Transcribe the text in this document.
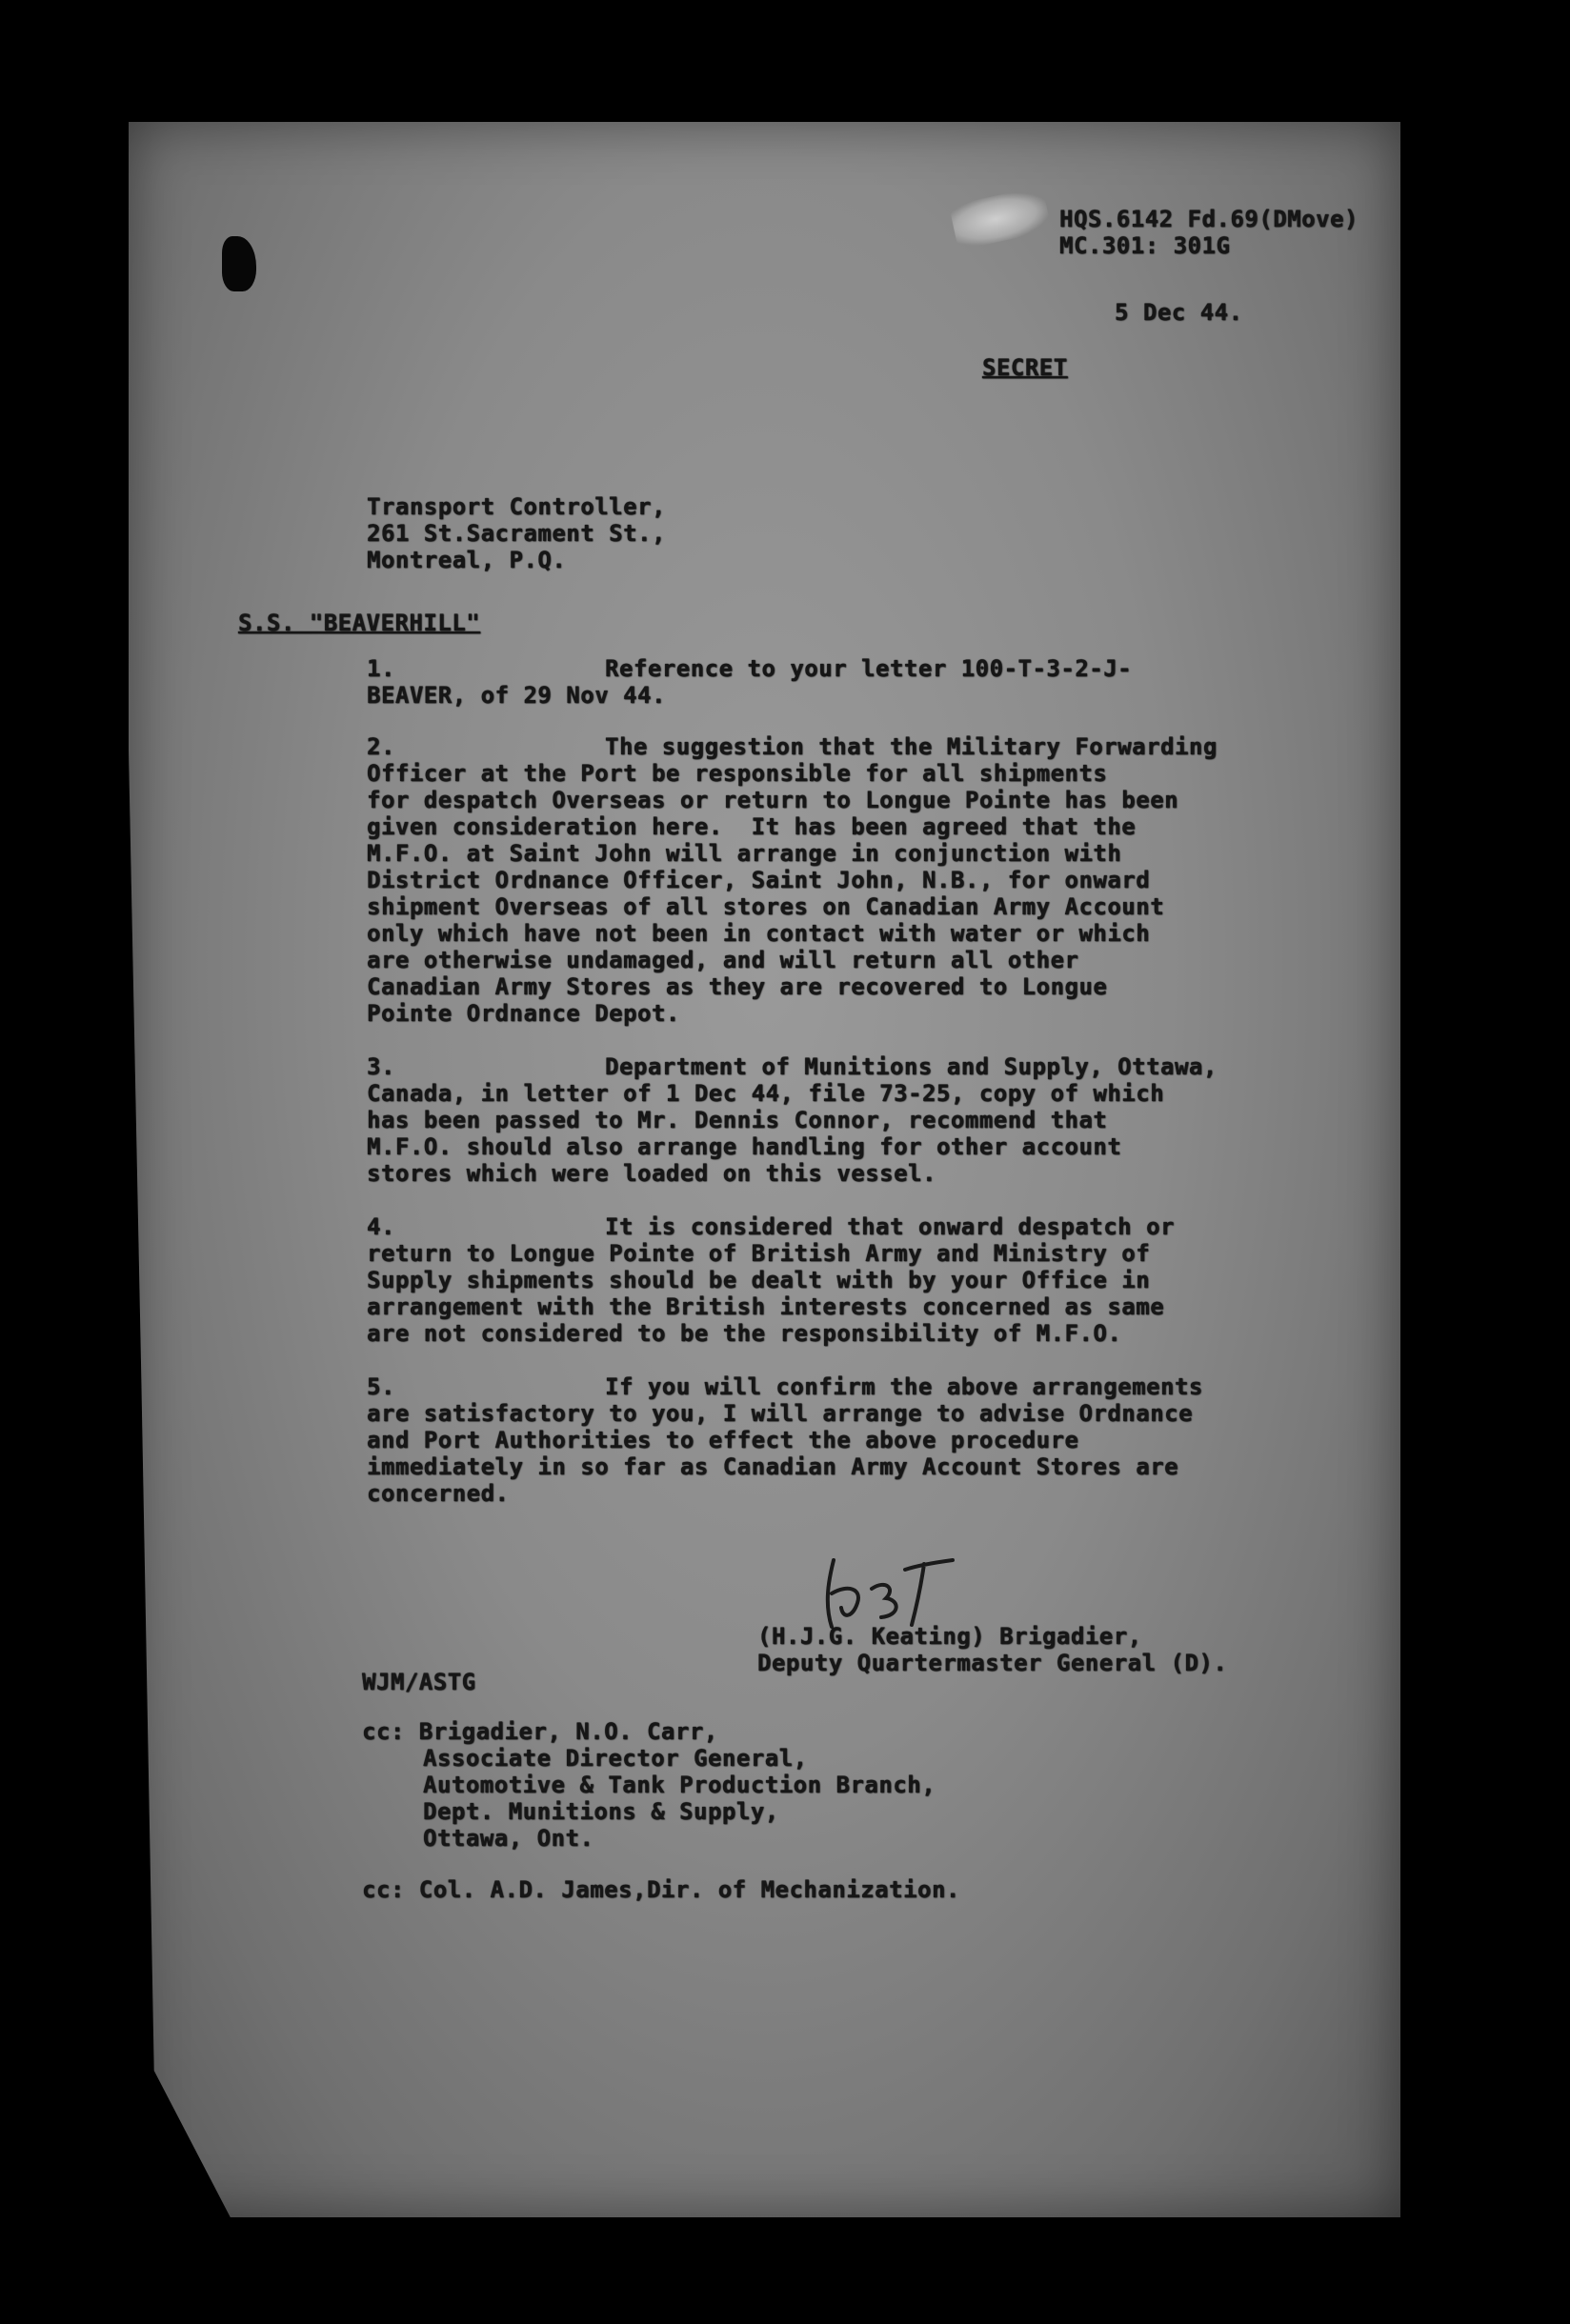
HQS.6142 Fd.69(DMove)
MC.301: 301G
5 Dec 44.
SECRET
Transport Controller,
261 St.Sacrament St.,
Montreal, P.Q.
S.S. "BEAVERHILL"
1.	Reference to your letter 100-T-3-2-J-
BEAVER, of 29 Nov 44.
2.	The suggestion that the Military Forwarding
Officer at the Port be responsible for all shipments
for despatch Overseas or return to Longue Pointe has been
given consideration here.  It has been agreed that the
M.F.O. at Saint John will arrange in conjunction with
District Ordnance Officer, Saint John, N.B., for onward
shipment Overseas of all stores on Canadian Army Account
only which have not been in contact with water or which
are otherwise undamaged, and will return all other
Canadian Army Stores as they are recovered to Longue
Pointe Ordnance Depot.
3.	Department of Munitions and Supply, Ottawa,
Canada, in letter of 1 Dec 44, file 73-25, copy of which
has been passed to Mr. Dennis Connor, recommend that
M.F.O. should also arrange handling for other account
stores which were loaded on this vessel.
4.	It is considered that onward despatch or
return to Longue Pointe of British Army and Ministry of
Supply shipments should be dealt with by your Office in
arrangement with the British interests concerned as same
are not considered to be the responsibility of M.F.O.
5.	If you will confirm the above arrangements
are satisfactory to you, I will arrange to advise Ordnance
and Port Authorities to effect the above procedure
immediately in so far as Canadian Army Account Stores are
concerned.
(H.J.G. Keating) Brigadier,
Deputy Quartermaster General (D).
WJM/ASTG
cc: Brigadier, N.O. Carr,
Associate Director General,
Automotive & Tank Production Branch,
Dept. Munitions & Supply,
Ottawa, Ont.
cc: Col. A.D. James,Dir. of Mechanization.
